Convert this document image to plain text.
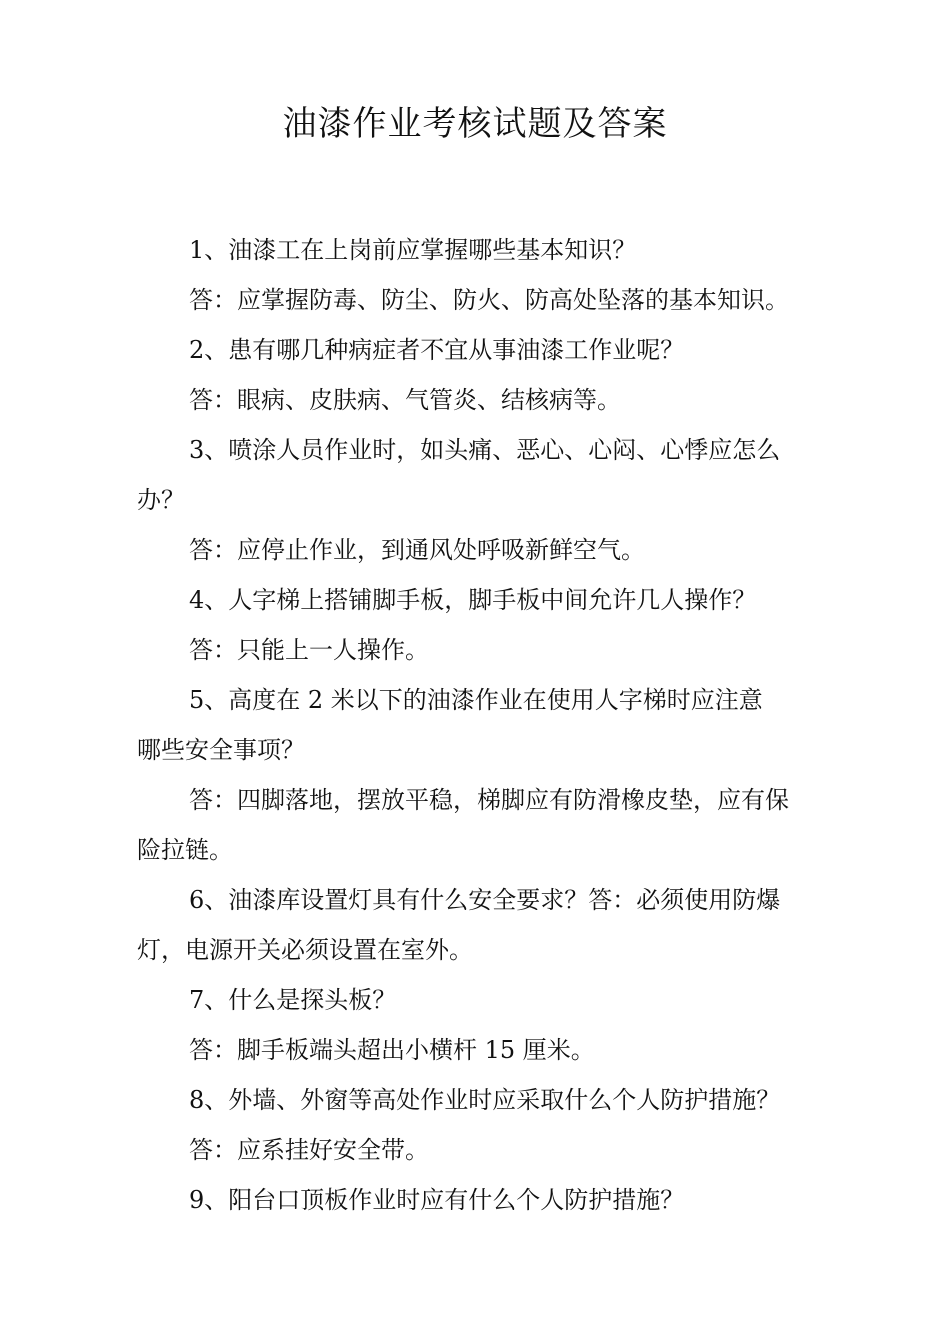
油漆作业考核试题及答案

1、油漆工在上岗前应掌握哪些基本知识？

答：应掌握防毒、防尘、防火、防高处坠落的基本知识。

2、患有哪几种病症者不宜从事油漆工作业呢？

答：眼病、皮肤病、气管炎、结核病等。

3、喷涂人员作业时，如头痛、恶心、心闷、心悸应怎么
办？

答：应停止作业，到通风处呼吸新鲜空气。

4、人字梯上搭铺脚手板，脚手板中间允许几人操作？

答：只能上一人操作。

5、高度在 2 米以下的油漆作业在使用人字梯时应注意
哪些安全事项？

答：四脚落地，摆放平稳，梯脚应有防滑橡皮垫，应有保
险拉链。

6、油漆库设置灯具有什么安全要求？答：必须使用防爆
灯，电源开关必须设置在室外。

7、什么是探头板？

答：脚手板端头超出小横杆 15 厘米。

8、外墙、外窗等高处作业时应采取什么个人防护措施？

答：应系挂好安全带。

9、阳台口顶板作业时应有什么个人防护措施？
